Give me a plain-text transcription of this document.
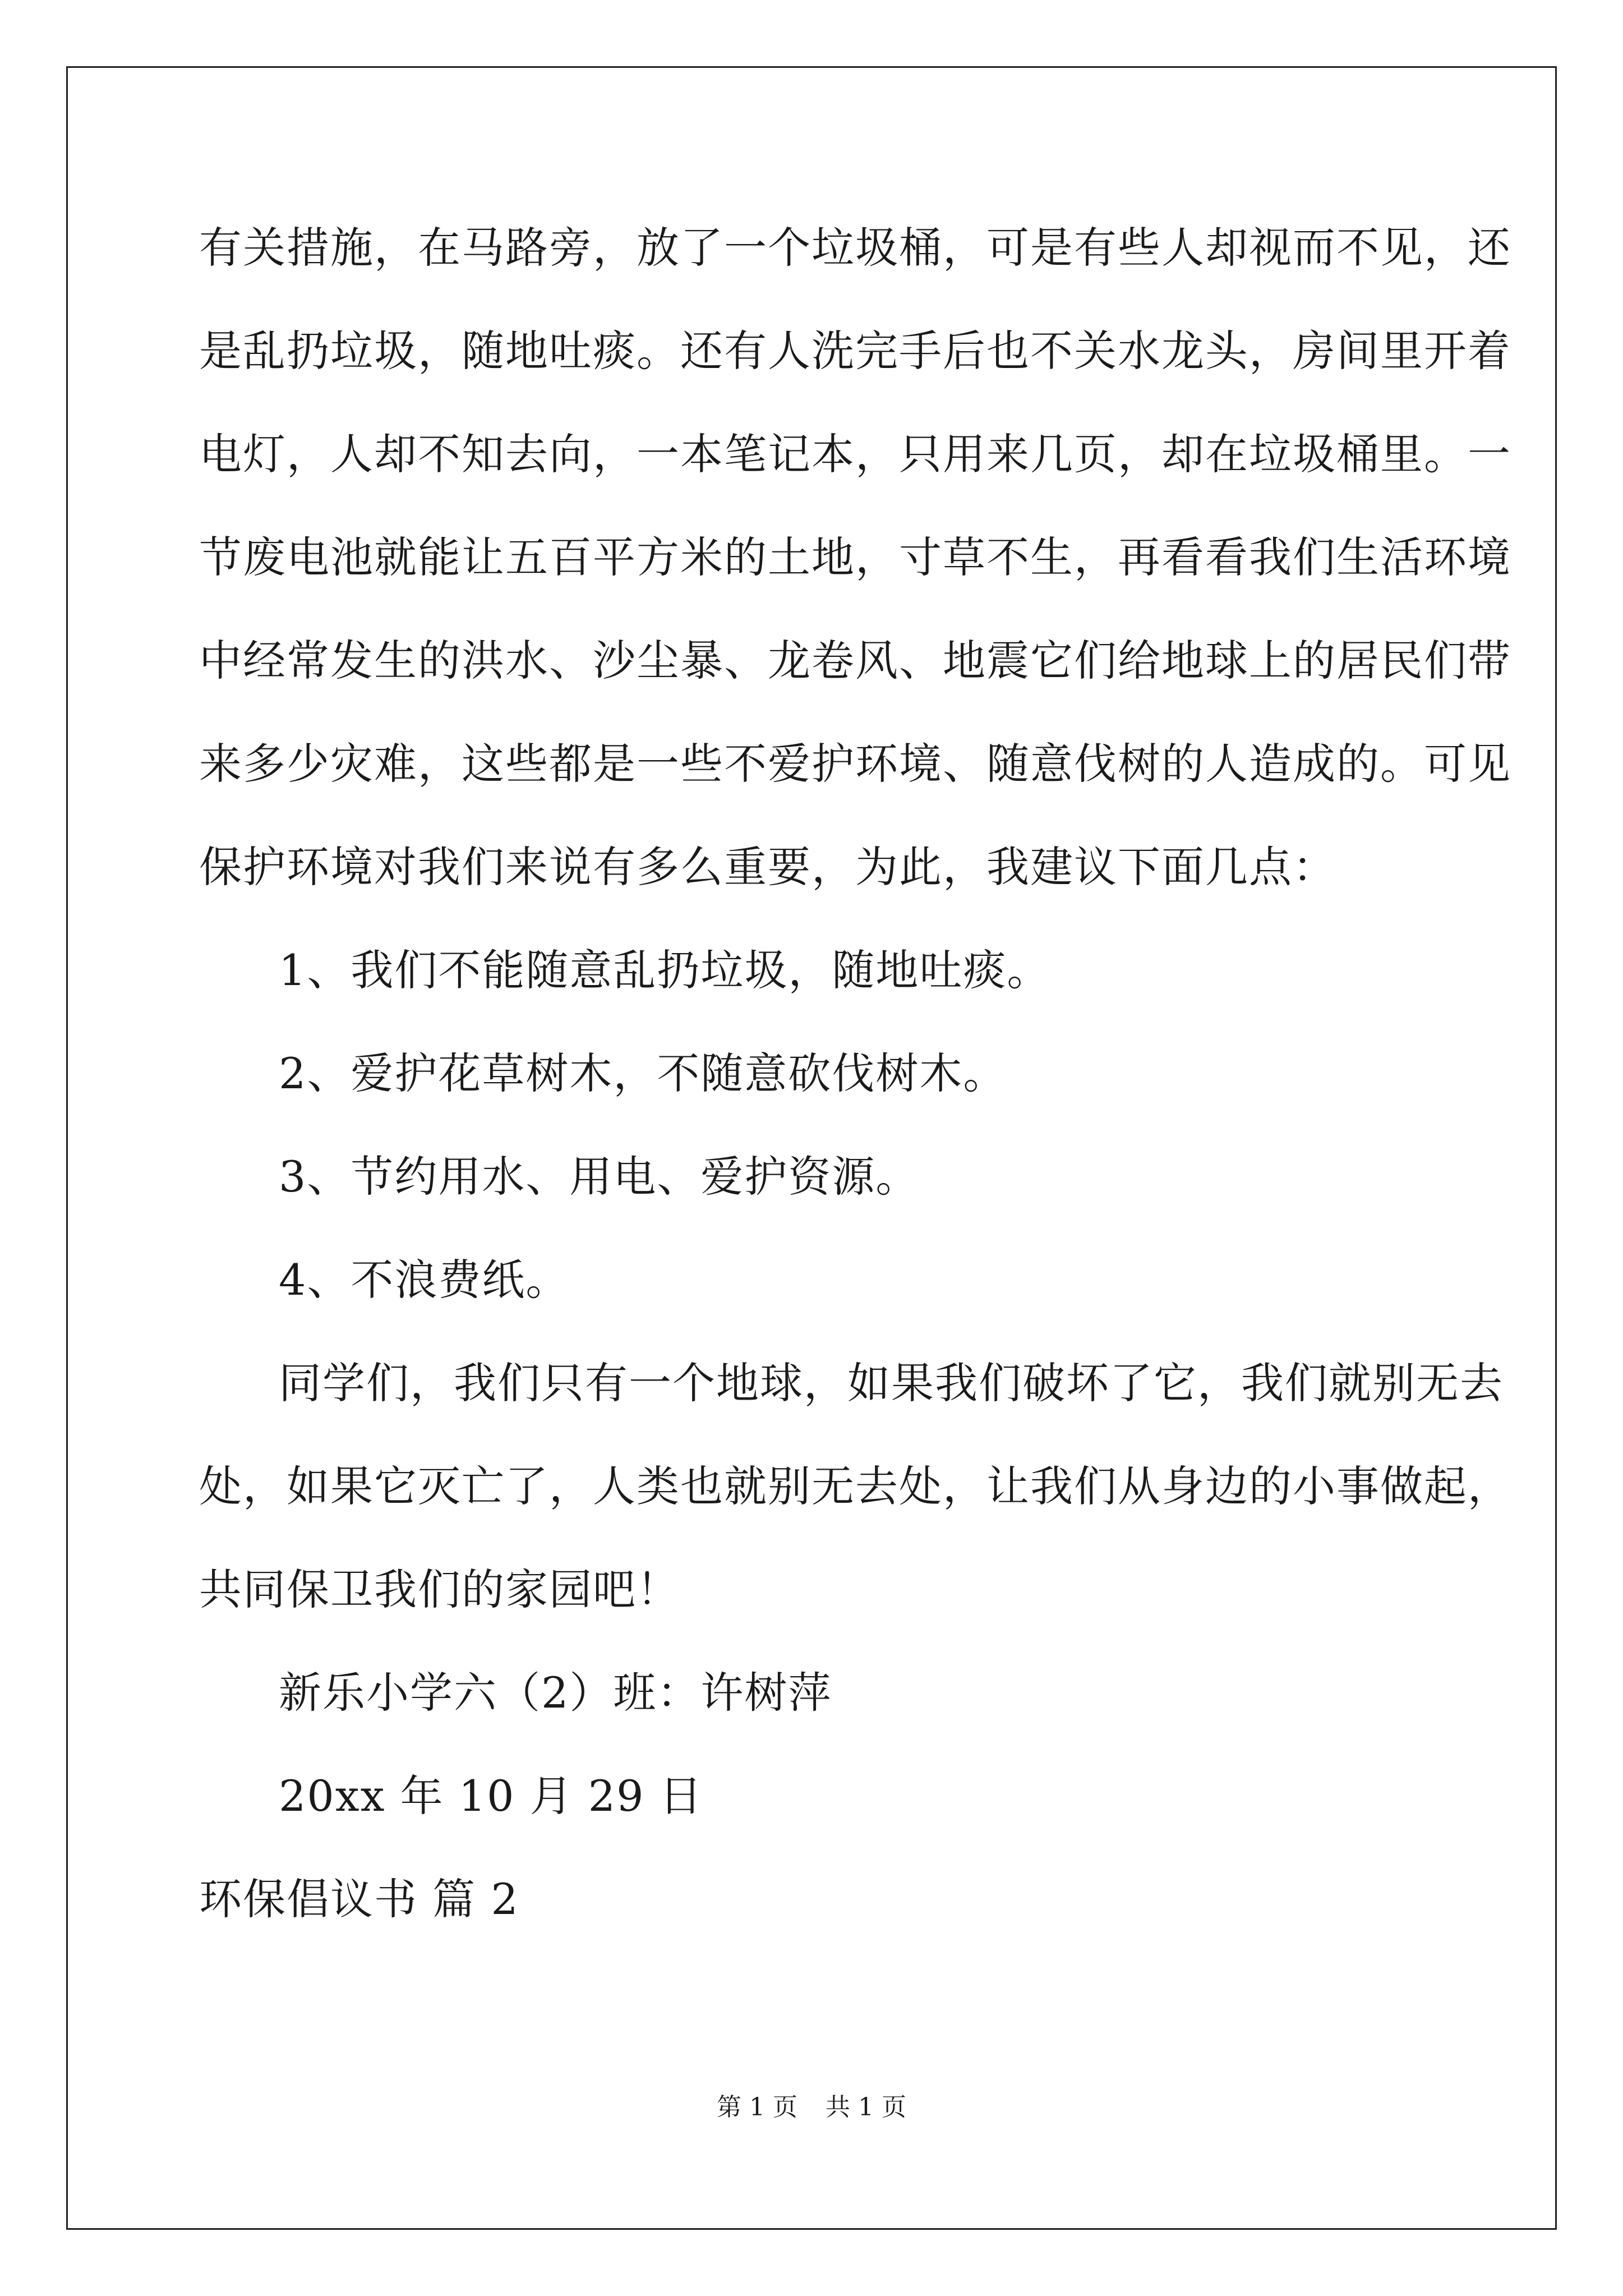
有关措施，在马路旁，放了一个垃圾桶，可是有些人却视而不见，还
是乱扔垃圾，随地吐痰。还有人洗完手后也不关水龙头，房间里开着
电灯，人却不知去向，一本笔记本，只用来几页，却在垃圾桶里。一
节废电池就能让五百平方米的土地，寸草不生，再看看我们生活环境
中经常发生的洪水、沙尘暴、龙卷风、地震它们给地球上的居民们带
来多少灾难，这些都是一些不爱护环境、随意伐树的人造成的。可见
保护环境对我们来说有多么重要，为此，我建议下面几点：
1、我们不能随意乱扔垃圾，随地吐痰。
2、爱护花草树木，不随意砍伐树木。
3、节约用水、用电、爱护资源。
4、不浪费纸。
同学们，我们只有一个地球，如果我们破坏了它，我们就别无去
处，如果它灭亡了，人类也就别无去处，让我们从身边的小事做起，
共同保卫我们的家园吧！
新乐小学六（2）班：许树萍
20xx 年 10 月 29 日
环保倡议书 篇 2
第 1 页 共 1 页
